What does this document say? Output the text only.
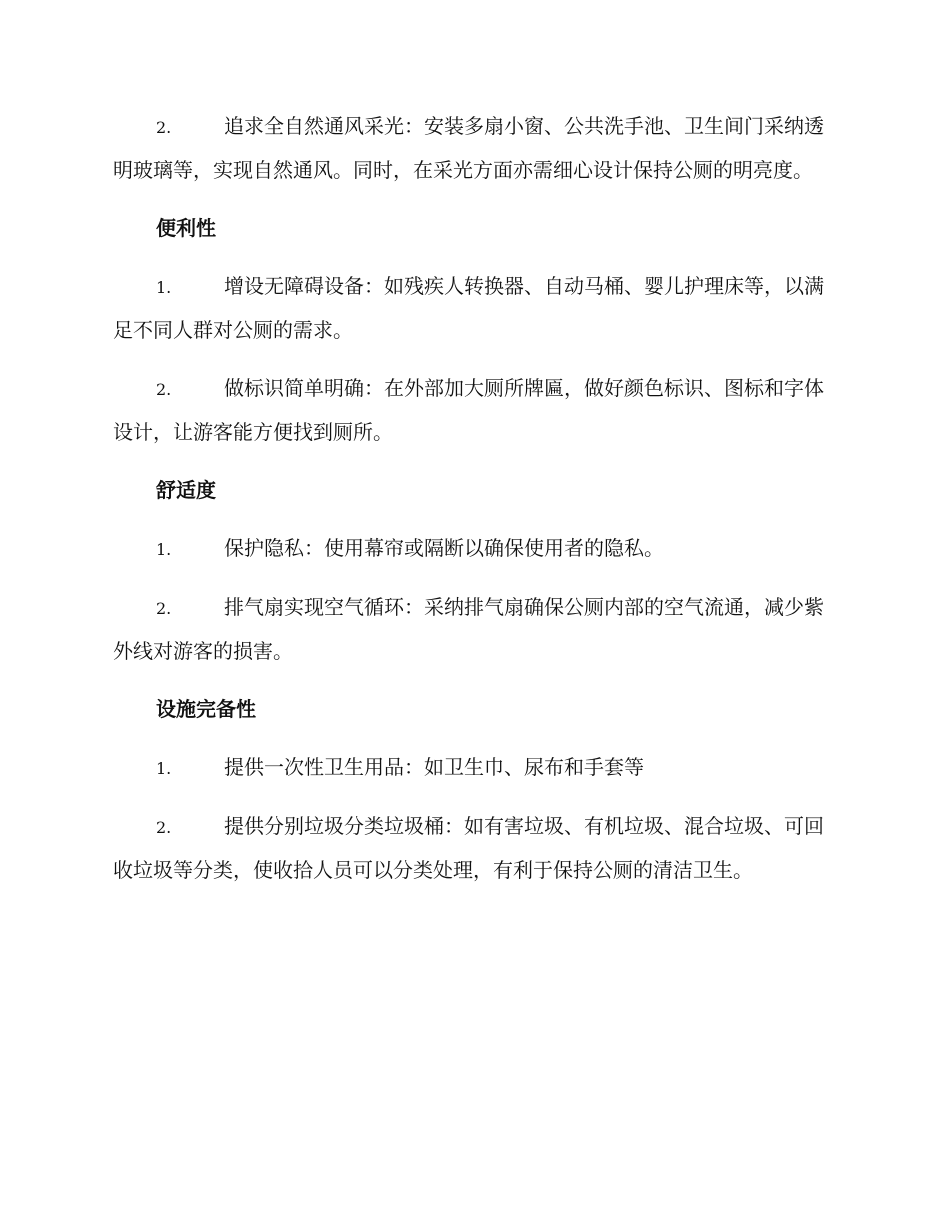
2.	追求全自然通风采光：安装多扇小窗、公共洗手池、卫生间门采纳透明玻璃等，实现自然通风。同时，在采光方面亦需细心设计保持公厕的明亮度。

便利性

1.	增设无障碍设备：如残疾人转换器、自动马桶、婴儿护理床等，以满足不同人群对公厕的需求。

2.	做标识简单明确：在外部加大厕所牌匾，做好颜色标识、图标和字体设计，让游客能方便找到厕所。

舒适度

1.	保护隐私：使用幕帘或隔断以确保使用者的隐私。

2.	排气扇实现空气循环：采纳排气扇确保公厕内部的空气流通，减少紫外线对游客的损害。

设施完备性

1.	提供一次性卫生用品：如卫生巾、尿布和手套等

2.	提供分别垃圾分类垃圾桶：如有害垃圾、有机垃圾、混合垃圾、可回收垃圾等分类，使收拾人员可以分类处理，有利于保持公厕的清洁卫生。
